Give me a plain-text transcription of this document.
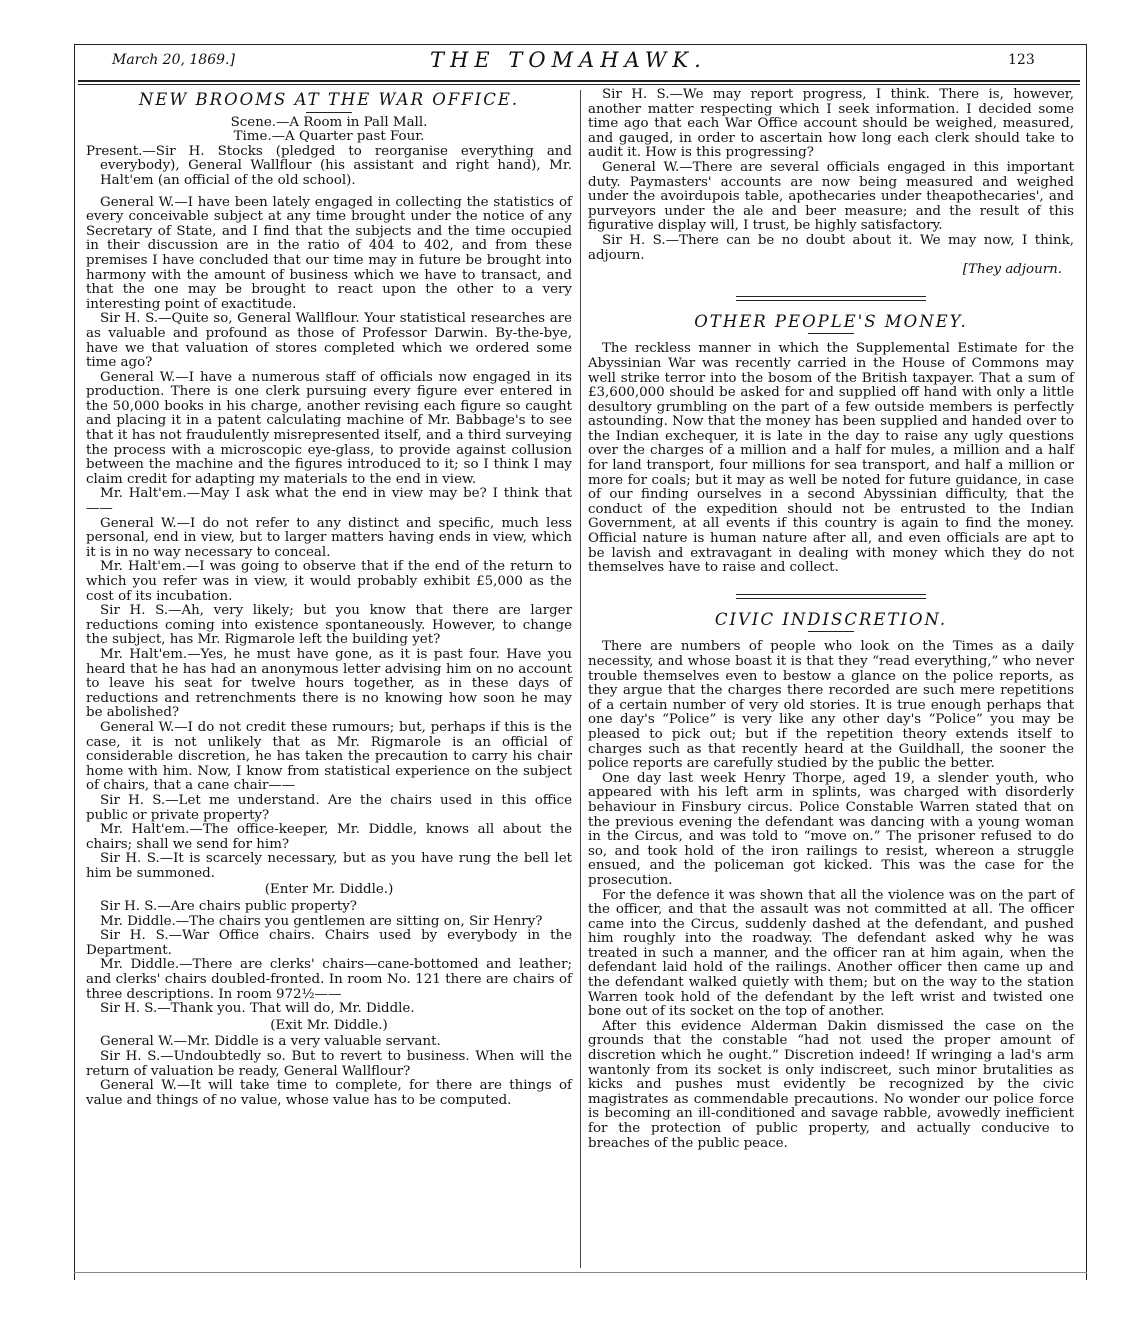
March 20, 1869.]	THE TOMAHAWK.	123
NEW BROOMS AT THE WAR OFFICE.
Scene.—A Room in Pall Mall.
Time.—A Quarter past Four.

Present.—Sir H. Stocks (pledged to reorganise everything and everybody), General Wallflour (his assistant and right hand), Mr. Halt'em (an official of the old school).

General W.—I have been lately engaged in collecting the statistics of every conceivable subject at any time brought under the notice of any Secretary of State, and I find that the subjects and the time occupied in their discussion are in the ratio of 404 to 402, and from these premises I have concluded that our time may in future be brought into harmony with the amount of business which we have to transact, and that the one may be brought to react upon the other to a very interesting point of exactitude.

Sir H. S.—Quite so, General Wallflour. Your statistical researches are as valuable and profound as those of Professor Darwin. By-the-bye, have we that valuation of stores completed which we ordered some time ago?

General W.—I have a numerous staff of officials now engaged in its production. There is one clerk pursuing every figure ever entered in the 50,000 books in his charge, another revising each figure so caught and placing it in a patent calculating machine of Mr. Babbage's to see that it has not fraudulently misrepresented itself, and a third surveying the process with a microscopic eye-glass, to provide against collusion between the machine and the figures introduced to it; so I think I may claim credit for adapting my materials to the end in view.

Mr. Halt'em.—May I ask what the end in view may be? I think that——

General W.—I do not refer to any distinct and specific, much less personal, end in view, but to larger matters having ends in view, which it is in no way necessary to conceal.

Mr. Halt'em.—I was going to observe that if the end of the return to which you refer was in view, it would probably exhibit £5,000 as the cost of its incubation.

Sir H. S.—Ah, very likely; but you know that there are larger reductions coming into existence spontaneously. However, to change the subject, has Mr. Rigmarole left the building yet?

Mr. Halt'em.—Yes, he must have gone, as it is past four. Have you heard that he has had an anonymous letter advising him on no account to leave his seat for twelve hours together, as in these days of reductions and retrenchments there is no knowing how soon he may be abolished?

General W.—I do not credit these rumours; but, perhaps if this is the case, it is not unlikely that as Mr. Rigmarole is an official of considerable discretion, he has taken the precaution to carry his chair home with him. Now, I know from statistical experience on the subject of chairs, that a cane chair——

Sir H. S.—Let me understand. Are the chairs used in this office public or private property?

Mr. Halt'em.—The office-keeper, Mr. Diddle, knows all about the chairs; shall we send for him?

Sir H. S.—It is scarcely necessary, but as you have rung the bell let him be summoned.

(Enter Mr. Diddle.)

Sir H. S.—Are chairs public property?

Mr. Diddle.—The chairs you gentlemen are sitting on, Sir Henry?

Sir H. S.—War Office chairs. Chairs used by everybody in the Department.

Mr. Diddle.—There are clerks' chairs—cane-bottomed and leather; and clerks' chairs doubled-fronted. In room No. 121 there are chairs of three descriptions. In room 972½——

Sir H. S.—Thank you. That will do, Mr. Diddle.

(Exit Mr. Diddle.)

General W.—Mr. Diddle is a very valuable servant.

Sir H. S.—Undoubtedly so. But to revert to business. When will the return of valuation be ready, General Wallflour?

General W.—It will take time to complete, for there are things of value and things of no value, whose value has to be computed.

Sir H. S.—We may report progress, I think. There is, however, another matter respecting which I seek information. I decided some time ago that each War Office account should be weighed, measured, and gauged, in order to ascertain how long each clerk should take to audit it. How is this progressing?

General W.—There are several officials engaged in this important duty. Paymasters' accounts are now being measured and weighed under the avoirdupois table, apothecaries under theapothecaries', and purveyors under the ale and beer measure; and the result of this figurative display will, I trust, be highly satisfactory.

Sir H. S.—There can be no doubt about it. We may now, I think, adjourn.

[They adjourn.

OTHER PEOPLE'S MONEY.

The reckless manner in which the Supplemental Estimate for the Abyssinian War was recently carried in the House of Commons may well strike terror into the bosom of the British taxpayer. That a sum of £3,600,000 should be asked for and supplied off hand with only a little desultory grumbling on the part of a few outside members is perfectly astounding. Now that the money has been supplied and handed over to the Indian exchequer, it is late in the day to raise any ugly questions over the charges of a million and a half for mules, a million and a half for land transport, four millions for sea transport, and half a million or more for coals; but it may as well be noted for future guidance, in case of our finding ourselves in a second Abyssinian difficulty, that the conduct of the expedition should not be entrusted to the Indian Government, at all events if this country is again to find the money. Official nature is human nature after all, and even officials are apt to be lavish and extravagant in dealing with money which they do not themselves have to raise and collect.

CIVIC INDISCRETION.

There are numbers of people who look on the Times as a daily necessity, and whose boast it is that they “read everything,” who never trouble themselves even to bestow a glance on the police reports, as they argue that the charges there recorded are such mere repetitions of a certain number of very old stories. It is true enough perhaps that one day's “Police” is very like any other day's “Police” you may be pleased to pick out; but if the repetition theory extends itself to charges such as that recently heard at the Guildhall, the sooner the police reports are carefully studied by the public the better.

One day last week Henry Thorpe, aged 19, a slender youth, who appeared with his left arm in splints, was charged with disorderly behaviour in Finsbury circus. Police Constable Warren stated that on the previous evening the defendant was dancing with a young woman in the Circus, and was told to “move on.” The prisoner refused to do so, and took hold of the iron railings to resist, whereon a struggle ensued, and the policeman got kicked. This was the case for the prosecution.

For the defence it was shown that all the violence was on the part of the officer, and that the assault was not committed at all. The officer came into the Circus, suddenly dashed at the defendant, and pushed him roughly into the roadway. The defendant asked why he was treated in such a manner, and the officer ran at him again, when the defendant laid hold of the railings. Another officer then came up and the defendant walked quietly with them; but on the way to the station Warren took hold of the defendant by the left wrist and twisted one bone out of its socket on the top of another.

After this evidence Alderman Dakin dismissed the case on the grounds that the constable “had not used the proper amount of discretion which he ought.” Discretion indeed! If wringing a lad's arm wantonly from its socket is only indiscreet, such minor brutalities as kicks and pushes must evidently be recognized by the civic magistrates as commendable precautions. No wonder our police force is becoming an ill-conditioned and savage rabble, avowedly inefficient for the protection of public property, and actually conducive to breaches of the public peace.
